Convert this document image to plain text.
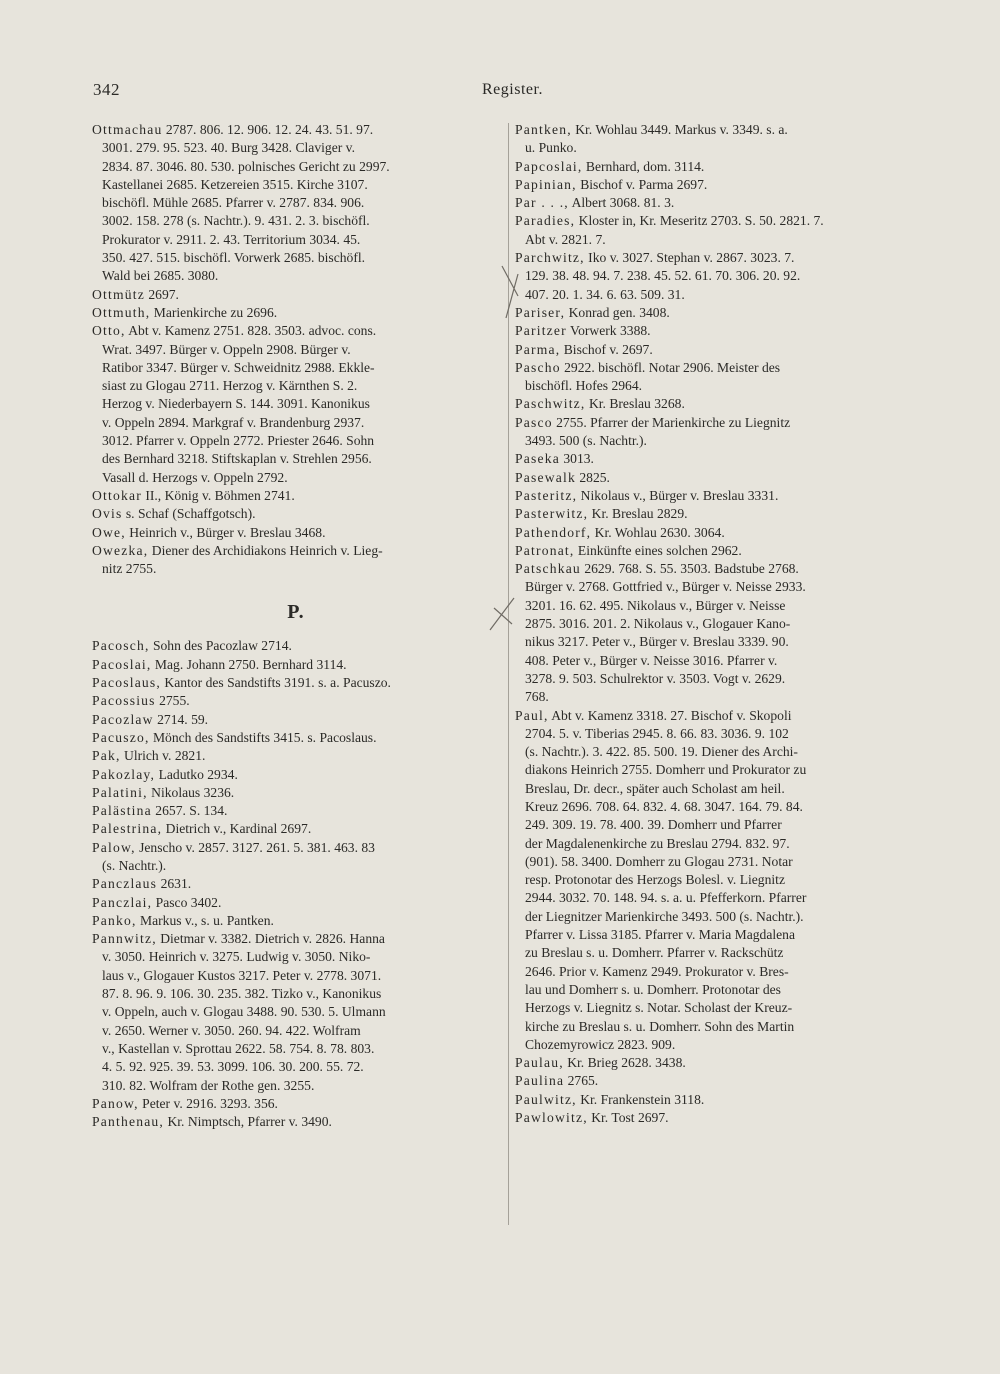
342	Register.
Ottmachau 2787. 806. 12. 906. 12. 24. 43. 51. 97.
3001. 279. 95. 523. 40. Burg 3428. Claviger v.
2834. 87. 3046. 80. 530. polnisches Gericht zu 2997.
Kastellanei 2685. Ketzereien 3515. Kirche 3107.
bischöfl. Mühle 2685. Pfarrer v. 2787. 834. 906.
3002. 158. 278 (s. Nachtr.). 9. 431. 2. 3. bischöfl.
Prokurator v. 2911. 2. 43. Territorium 3034. 45.
350. 427. 515. bischöfl. Vorwerk 2685. bischöfl.
Wald bei 2685. 3080.
Ottmütz 2697.
Ottmuth, Marienkirche zu 2696.
Otto, Abt v. Kamenz 2751. 828. 3503. advoc. cons.
Wrat. 3497. Bürger v. Oppeln 2908. Bürger v.
Ratibor 3347. Bürger v. Schweidnitz 2988. Ekkle-
siast zu Glogau 2711. Herzog v. Kärnthen S. 2.
Herzog v. Niederbayern S. 144. 3091. Kanonikus
v. Oppeln 2894. Markgraf v. Brandenburg 2937.
3012. Pfarrer v. Oppeln 2772. Priester 2646. Sohn
des Bernhard 3218. Stiftskaplan v. Strehlen 2956.
Vasall d. Herzogs v. Oppeln 2792.
Ottokar II., König v. Böhmen 2741.
Ovis s. Schaf (Schaffgotsch).
Owe, Heinrich v., Bürger v. Breslau 3468.
Owezka, Diener des Archidiakons Heinrich v. Lieg-
nitz 2755.
P.
Pacosch, Sohn des Pacozlaw 2714.
Pacoslai, Mag. Johann 2750. Bernhard 3114.
Pacoslaus, Kantor des Sandstifts 3191. s. a. Pacuszo.
Pacossius 2755.
Pacozlaw 2714. 59.
Pacuszo, Mönch des Sandstifts 3415. s. Pacoslaus.
Pak, Ulrich v. 2821.
Pakozlay, Ladutko 2934.
Palatini, Nikolaus 3236.
Palästina 2657. S. 134.
Palestrina, Dietrich v., Kardinal 2697.
Palow, Jenscho v. 2857. 3127. 261. 5. 381. 463. 83
(s. Nachtr.).
Panczlaus 2631.
Panczlai, Pasco 3402.
Panko, Markus v., s. u. Pantken.
Pannwitz, Dietmar v. 3382. Dietrich v. 2826. Hanna
v. 3050. Heinrich v. 3275. Ludwig v. 3050. Niko-
laus v., Glogauer Kustos 3217. Peter v. 2778. 3071.
87. 8. 96. 9. 106. 30. 235. 382. Tizko v., Kanonikus
v. Oppeln, auch v. Glogau 3488. 90. 530. 5. Ulmann
v. 2650. Werner v. 3050. 260. 94. 422. Wolfram
v., Kastellan v. Sprottau 2622. 58. 754. 8. 78. 803.
4. 5. 92. 925. 39. 53. 3099. 106. 30. 200. 55. 72.
310. 82. Wolfram der Rothe gen. 3255.
Panow, Peter v. 2916. 3293. 356.
Panthenau, Kr. Nimptsch, Pfarrer v. 3490.
Pantken, Kr. Wohlau 3449. Markus v. 3349. s. a.
u. Punko.
Papcoslai, Bernhard, dom. 3114.
Papinian, Bischof v. Parma 2697.
Par . . ., Albert 3068. 81. 3.
Paradies, Kloster in, Kr. Meseritz 2703. S. 50. 2821. 7.
Abt v. 2821. 7.
Parchwitz, Iko v. 3027. Stephan v. 2867. 3023. 7.
129. 38. 48. 94. 7. 238. 45. 52. 61. 70. 306. 20. 92.
407. 20. 1. 34. 6. 63. 509. 31.
Pariser, Konrad gen. 3408.
Paritzer Vorwerk 3388.
Parma, Bischof v. 2697.
Pascho 2922. bischöfl. Notar 2906. Meister des
bischöfl. Hofes 2964.
Paschwitz, Kr. Breslau 3268.
Pasco 2755. Pfarrer der Marienkirche zu Liegnitz
3493. 500 (s. Nachtr.).
Paseka 3013.
Pasewalk 2825.
Pasteritz, Nikolaus v., Bürger v. Breslau 3331.
Pasterwitz, Kr. Breslau 2829.
Pathendorf, Kr. Wohlau 2630. 3064.
Patronat, Einkünfte eines solchen 2962.
Patschkau 2629. 768. S. 55. 3503. Badstube 2768.
Bürger v. 2768. Gottfried v., Bürger v. Neisse 2933.
3201. 16. 62. 495. Nikolaus v., Bürger v. Neisse
2875. 3016. 201. 2. Nikolaus v., Glogauer Kano-
nikus 3217. Peter v., Bürger v. Breslau 3339. 90.
408. Peter v., Bürger v. Neisse 3016. Pfarrer v.
3278. 9. 503. Schulrektor v. 3503. Vogt v. 2629.
768.
Paul, Abt v. Kamenz 3318. 27. Bischof v. Skopoli
2704. 5. v. Tiberias 2945. 8. 66. 83. 3036. 9. 102
(s. Nachtr.). 3. 422. 85. 500. 19. Diener des Archi-
diakons Heinrich 2755. Domherr und Prokurator zu
Breslau, Dr. decr., später auch Scholast am heil.
Kreuz 2696. 708. 64. 832. 4. 68. 3047. 164. 79. 84.
249. 309. 19. 78. 400. 39. Domherr und Pfarrer
der Magdalenenkirche zu Breslau 2794. 832. 97.
(901). 58. 3400. Domherr zu Glogau 2731. Notar
resp. Protonotar des Herzogs Bolesl. v. Liegnitz
2944. 3032. 70. 148. 94. s. a. u. Pfefferkorn. Pfarrer
der Liegnitzer Marienkirche 3493. 500 (s. Nachtr.).
Pfarrer v. Lissa 3185. Pfarrer v. Maria Magdalena
zu Breslau s. u. Domherr. Pfarrer v. Rackschütz
2646. Prior v. Kamenz 2949. Prokurator v. Bres-
lau und Domherr s. u. Domherr. Protonotar des
Herzogs v. Liegnitz s. Notar. Scholast der Kreuz-
kirche zu Breslau s. u. Domherr. Sohn des Martin
Chozemyrowicz 2823. 909.
Paulau, Kr. Brieg 2628. 3438.
Paulina 2765.
Paulwitz, Kr. Frankenstein 3118.
Pawlowitz, Kr. Tost 2697.
